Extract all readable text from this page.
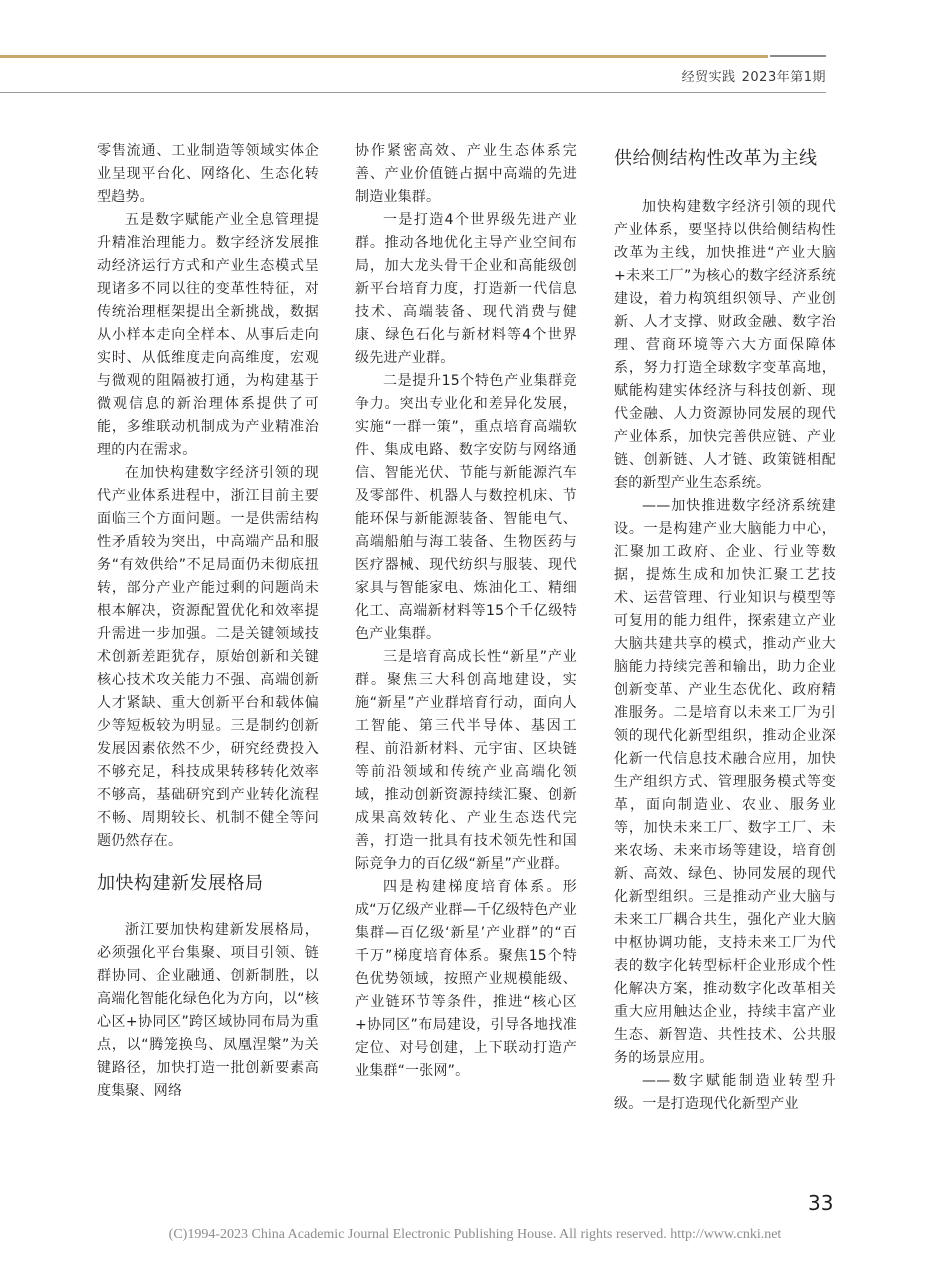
经贸实践 2023年第1期

零售流通、工业制造等领域实体企业呈现平台化、网络化、生态化转型趋势。

五是数字赋能产业全息管理提升精准治理能力。数字经济发展推动经济运行方式和产业生态模式呈现诸多不同以往的变革性特征，对传统治理框架提出全新挑战，数据从小样本走向全样本、从事后走向实时、从低维度走向高维度，宏观与微观的阻隔被打通，为构建基于微观信息的新治理体系提供了可能，多维联动机制成为产业精准治理的内在需求。

在加快构建数字经济引领的现代产业体系进程中，浙江目前主要面临三个方面问题。一是供需结构性矛盾较为突出，中高端产品和服务“有效供给”不足局面仍未彻底扭转，部分产业产能过剩的问题尚未根本解决，资源配置优化和效率提升需进一步加强。二是关键领域技术创新差距犹存，原始创新和关键核心技术攻关能力不强、高端创新人才紧缺、重大创新平台和载体偏少等短板较为明显。三是制约创新发展因素依然不少，研究经费投入不够充足，科技成果转移转化效率不够高，基础研究到产业转化流程不畅、周期较长、机制不健全等问题仍然存在。

加快构建新发展格局

浙江要加快构建新发展格局，必须强化平台集聚、项目引领、链群协同、企业融通、创新制胜，以高端化智能化绿色化为方向，以“核心区+协同区”跨区域协同布局为重点，以“腾笼换鸟、凤凰涅槃”为关键路径，加快打造一批创新要素高度集聚、网络

协作紧密高效、产业生态体系完善、产业价值链占据中高端的先进制造业集群。

一是打造4个世界级先进产业群。推动各地优化主导产业空间布局，加大龙头骨干企业和高能级创新平台培育力度，打造新一代信息技术、高端装备、现代消费与健康、绿色石化与新材料等4个世界级先进产业群。

二是提升15个特色产业集群竞争力。突出专业化和差异化发展，实施“一群一策”，重点培育高端软件、集成电路、数字安防与网络通信、智能光伏、节能与新能源汽车及零部件、机器人与数控机床、节能环保与新能源装备、智能电气、高端船舶与海工装备、生物医药与医疗器械、现代纺织与服装、现代家具与智能家电、炼油化工、精细化工、高端新材料等15个千亿级特色产业集群。

三是培育高成长性“新星”产业群。聚焦三大科创高地建设，实施“新星”产业群培育行动，面向人工智能、第三代半导体、基因工程、前沿新材料、元宇宙、区块链等前沿领域和传统产业高端化领域，推动创新资源持续汇聚、创新成果高效转化、产业生态迭代完善，打造一批具有技术领先性和国际竞争力的百亿级“新星”产业群。

四是构建梯度培育体系。形成“万亿级产业群—千亿级特色产业集群—百亿级‘新星’产业群”的“百千万”梯度培育体系。聚焦15个特色优势领域，按照产业规模能级、产业链环节等条件，推进“核心区+协同区”布局建设，引导各地找准定位、对号创建，上下联动打造产业集群“一张网”。

供给侧结构性改革为主线

加快构建数字经济引领的现代产业体系，要坚持以供给侧结构性改革为主线，加快推进“产业大脑+未来工厂”为核心的数字经济系统建设，着力构筑组织领导、产业创新、人才支撑、财政金融、数字治理、营商环境等六大方面保障体系，努力打造全球数字变革高地，赋能构建实体经济与科技创新、现代金融、人力资源协同发展的现代产业体系，加快完善供应链、产业链、创新链、人才链、政策链相配套的新型产业生态系统。

——加快推进数字经济系统建设。一是构建产业大脑能力中心，汇聚加工政府、企业、行业等数据，提炼生成和加快汇聚工艺技术、运营管理、行业知识与模型等可复用的能力组件，探索建立产业大脑共建共享的模式，推动产业大脑能力持续完善和输出，助力企业创新变革、产业生态优化、政府精准服务。二是培育以未来工厂为引领的现代化新型组织，推动企业深化新一代信息技术融合应用，加快生产组织方式、管理服务模式等变革，面向制造业、农业、服务业等，加快未来工厂、数字工厂、未来农场、未来市场等建设，培育创新、高效、绿色、协同发展的现代化新型组织。三是推动产业大脑与未来工厂耦合共生，强化产业大脑中枢协调功能，支持未来工厂为代表的数字化转型标杆企业形成个性化解决方案，推动数字化改革相关重大应用触达企业，持续丰富产业生态、新智造、共性技术、公共服务的场景应用。

——数字赋能制造业转型升级。一是打造现代化新型产业

33
(C)1994-2023 China Academic Journal Electronic Publishing House. All rights reserved. http://www.cnki.net
